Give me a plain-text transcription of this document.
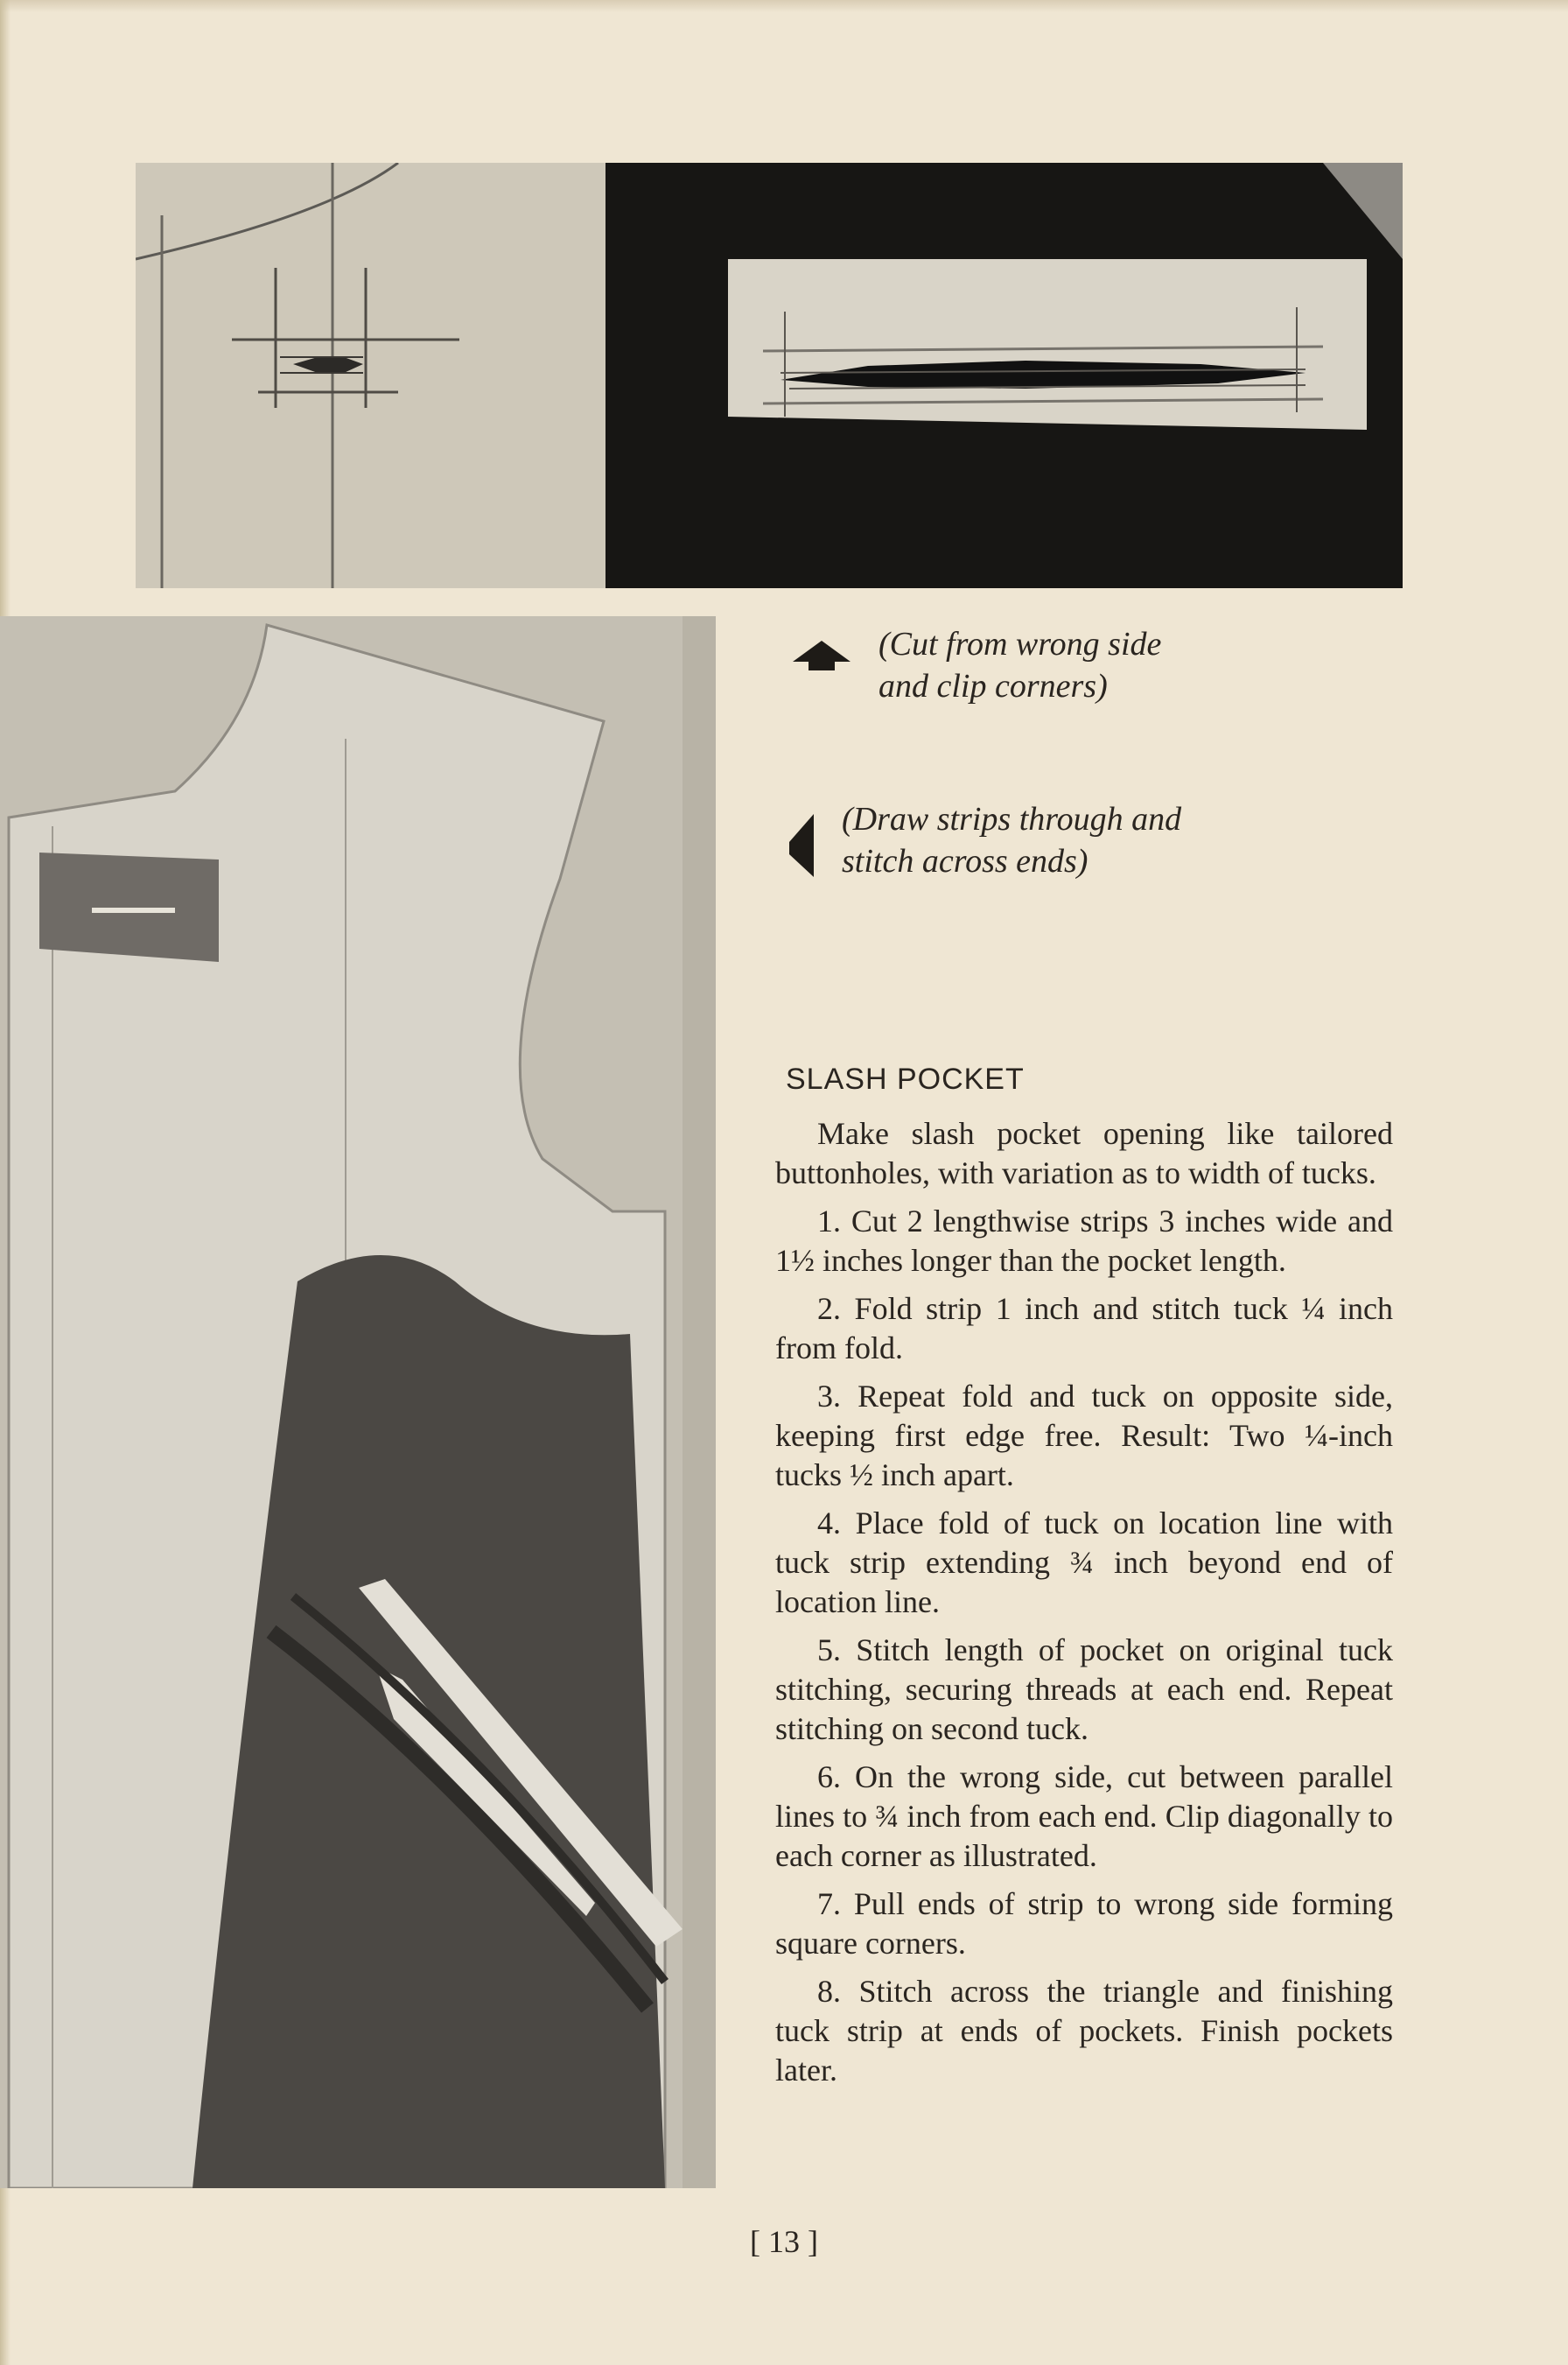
(Cut from wrong side
and clip corners)
(Draw strips through and
stitch across ends)
SLASH POCKET

Make slash pocket opening like tailored buttonholes, with variation as to width of tucks.

1. Cut 2 lengthwise strips 3 inches wide and 1½ inches longer than the pocket length.

2. Fold strip 1 inch and stitch tuck ¼ inch from fold.

3. Repeat fold and tuck on opposite side, keeping first edge free. Result: Two ¼-inch tucks ½ inch apart.

4. Place fold of tuck on location line with tuck strip extending ¾ inch beyond end of location line.

5. Stitch length of pocket on original tuck stitching, securing threads at each end. Repeat stitching on second tuck.

6. On the wrong side, cut between parallel lines to ¾ inch from each end. Clip diagonally to each corner as illustrated.

7. Pull ends of strip to wrong side forming square corners.

8. Stitch across the triangle and finishing tuck strip at ends of pockets. Finish pockets later.

[ 13 ]
